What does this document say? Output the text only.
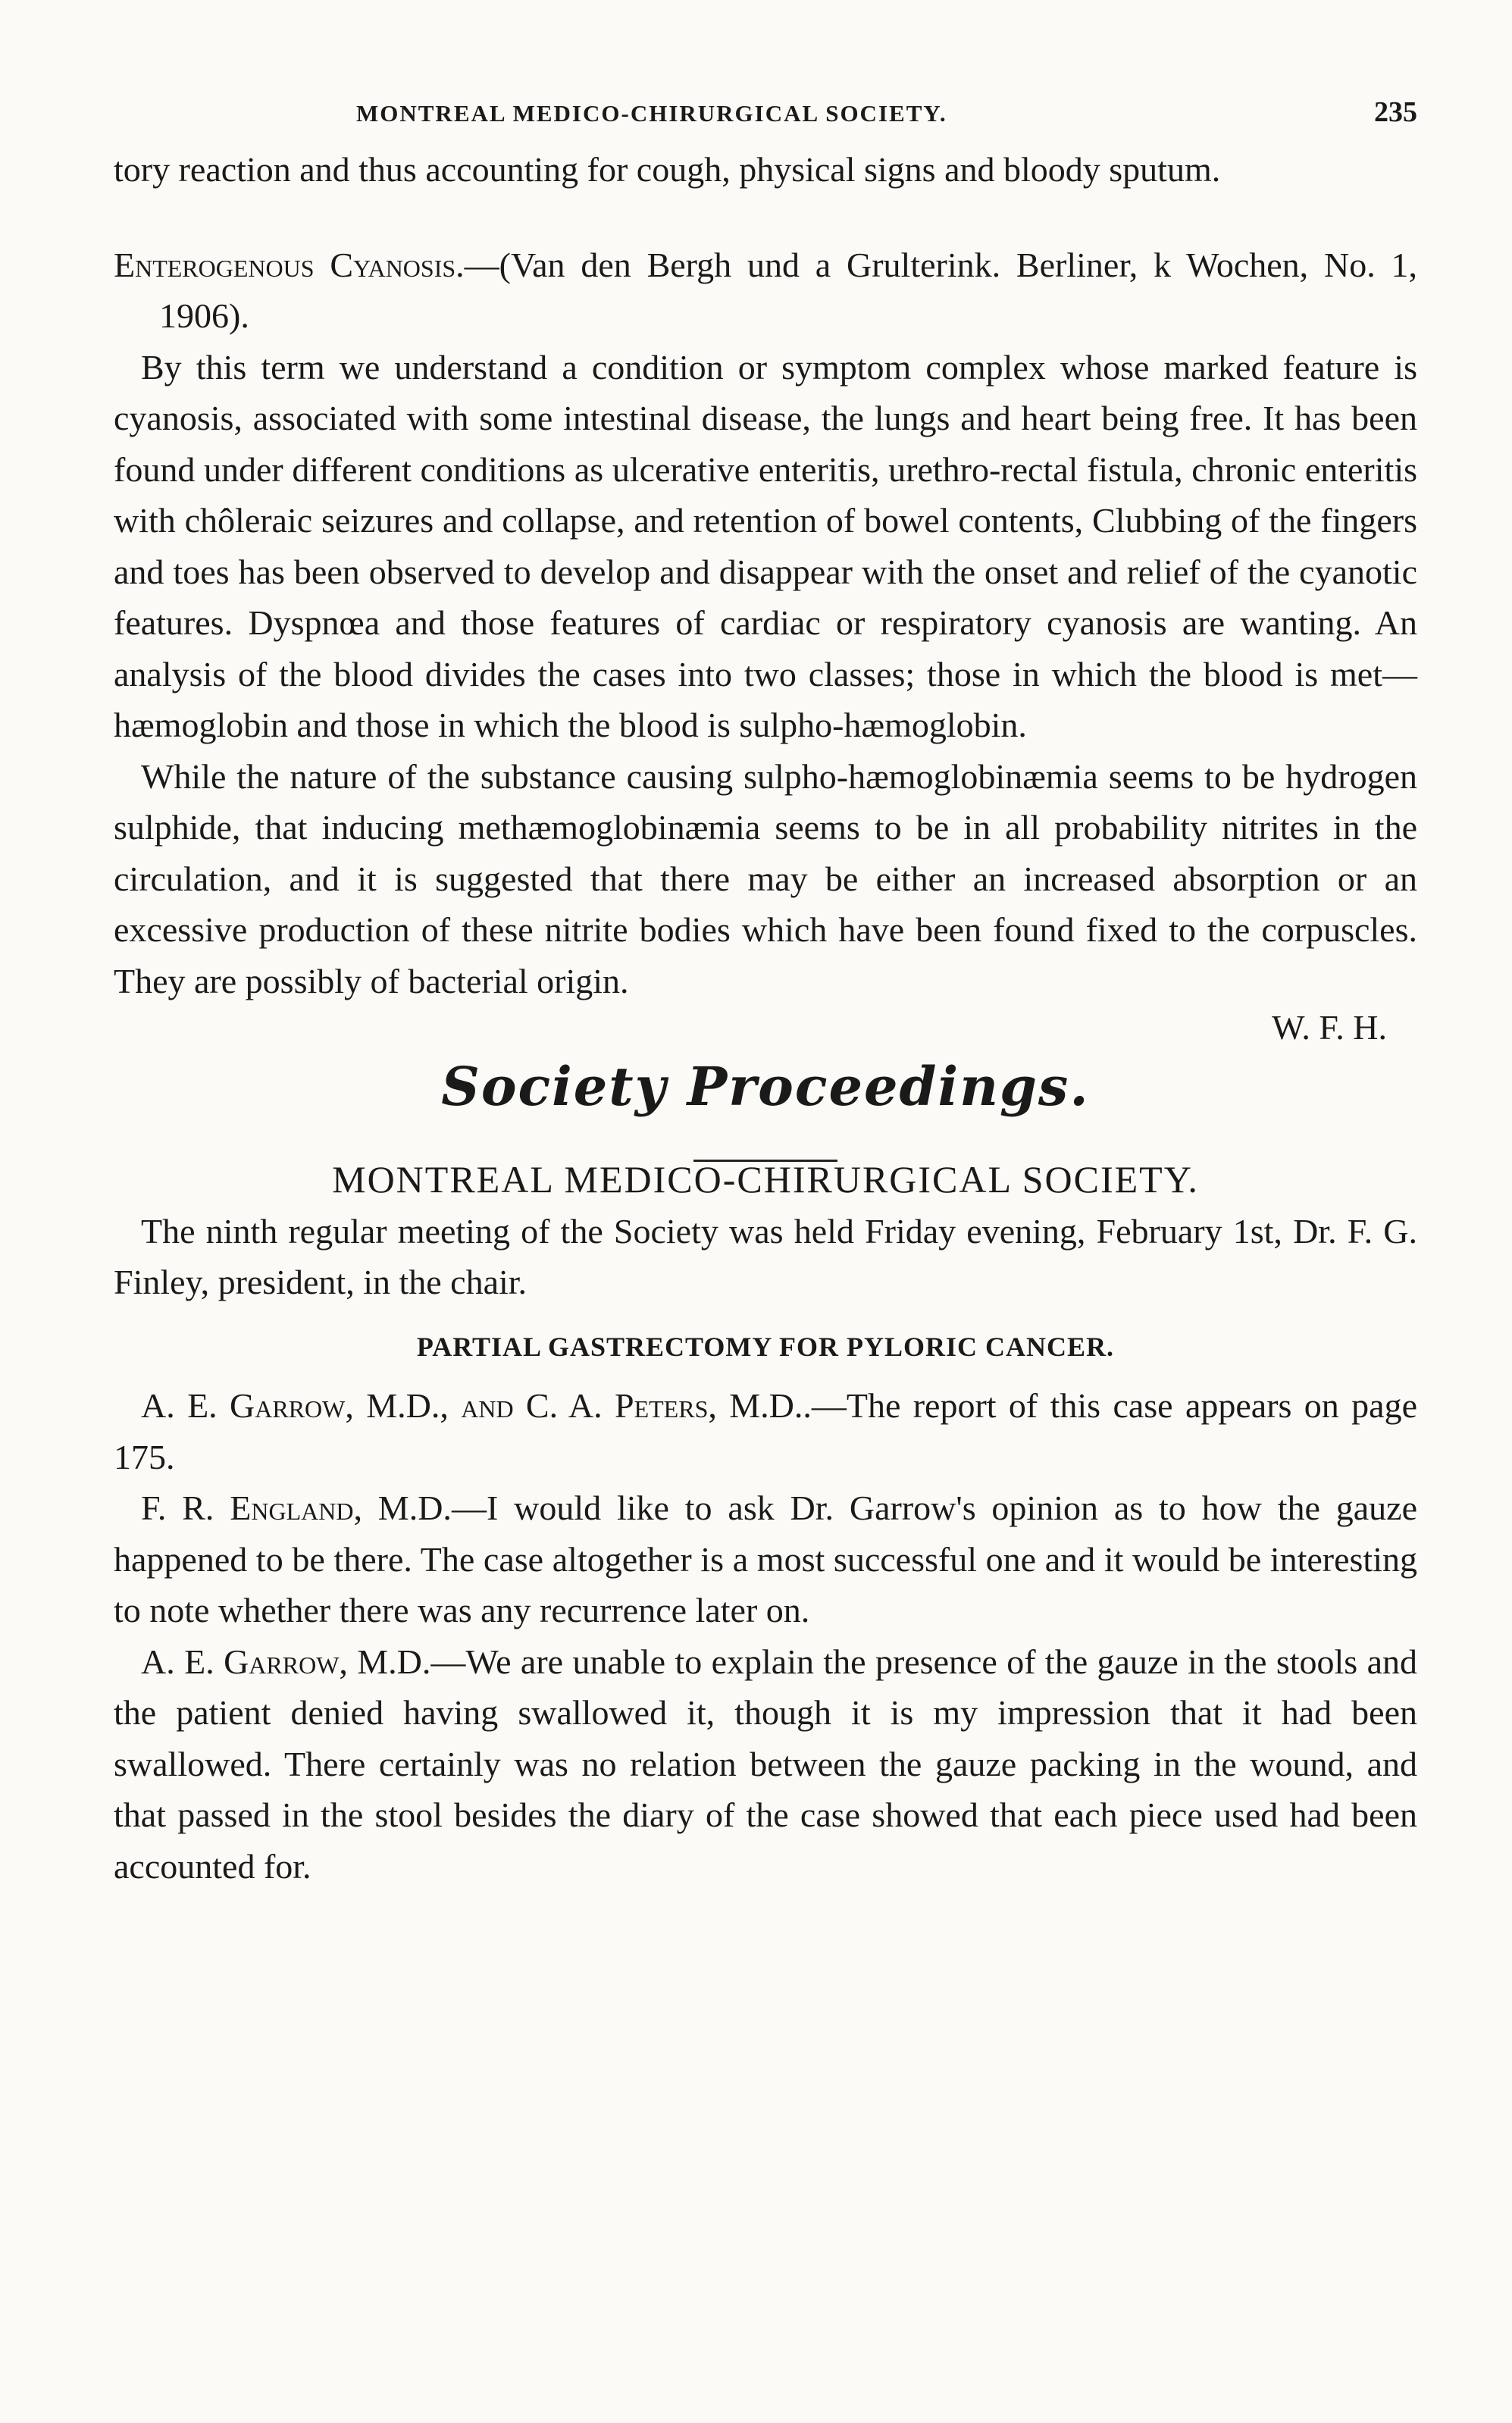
MONTREAL MEDICO-CHIRURGICAL SOCIETY.	235

tory reaction and thus accounting for cough, physical signs and bloody sputum.

Enterogenous Cyanosis.—(Van den Bergh und a Grulterink. Berliner, k Wochen, No. 1, 1906).

By this term we understand a condition or symptom complex whose marked feature is cyanosis, associated with some intestinal disease, the lungs and heart being free. It has been found under different conditions as ulcerative enteritis, urethro-rectal fistula, chronic enteritis with chôleraic seizures and collapse, and retention of bowel contents, Clubbing of the fingers and toes has been observed to develop and disappear with the onset and relief of the cyanotic features. Dyspnœa and those features of cardiac or respiratory cyanosis are wanting. An analysis of the blood divides the cases into two classes; those in which the blood is met—hæmoglobin and those in which the blood is sulpho-hæmoglobin.

While the nature of the substance causing sulpho-hæmoglobinæmia seems to be hydrogen sulphide, that inducing methæmoglobinæmia seems to be in all probability nitrites in the circulation, and it is suggested that there may be either an increased absorption or an excessive production of these nitrite bodies which have been found fixed to the corpuscles. They are possibly of bacterial origin.

W. F. H.

Society Proceedings.

MONTREAL MEDICO-CHIRURGICAL SOCIETY.

The ninth regular meeting of the Society was held Friday evening, February 1st, Dr. F. G. Finley, president, in the chair.

PARTIAL GASTRECTOMY FOR PYLORIC CANCER.

A. E. Garrow, M.D., and C. A. Peters, M.D..—The report of this case appears on page 175.

F. R. England, M.D.—I would like to ask Dr. Garrow's opinion as to how the gauze happened to be there. The case altogether is a most successful one and it would be interesting to note whether there was any recurrence later on.

A. E. Garrow, M.D.—We are unable to explain the presence of the gauze in the stools and the patient denied having swallowed it, though it is my impression that it had been swallowed. There certainly was no relation between the gauze packing in the wound, and that passed in the stool besides the diary of the case showed that each piece used had been accounted for.
